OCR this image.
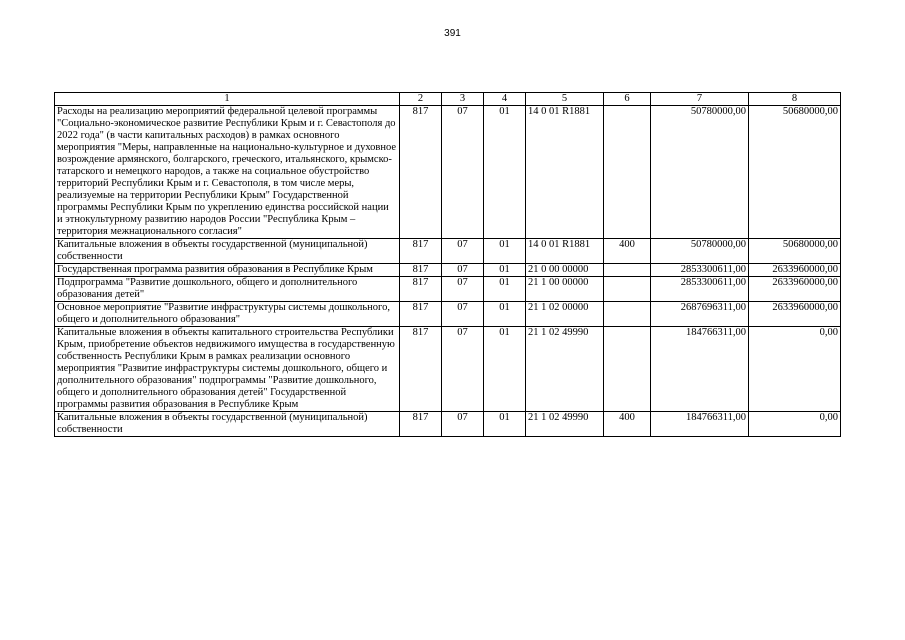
391
1	2	3	4	5	6	7	8
Расходы на реализацию мероприятий федеральной целевой программы "Социально-экономическое развитие Республики Крым и г. Севастополя до 2022 года" (в части капитальных расходов) в рамках основного мероприятия "Меры, направленные на национально-культурное и духовное возрождение армянского, болгарского, греческого, итальянского, крымско-татарского и немецкого народов, а также на социальное обустройство территорий Республики Крым и г. Севастополя, в том числе меры, реализуемые на территории Республики Крым" Государственной программы Республики Крым по укреплению единства российской нации и этнокультурному развитию народов России "Республика Крым – территория межнационального согласия"	817	07	01	14 0 01 R1881		50780000,00	50680000,00
Капитальные вложения в объекты государственной (муниципальной) собственности	817	07	01	14 0 01 R1881	400	50780000,00	50680000,00
Государственная программа развития образования в Республике Крым	817	07	01	21 0 00 00000		2853300611,00	2633960000,00
Подпрограмма "Развитие дошкольного, общего и дополнительного образования детей"	817	07	01	21 1 00 00000		2853300611,00	2633960000,00
Основное мероприятие "Развитие инфраструктуры системы дошкольного, общего и дополнительного образования"	817	07	01	21 1 02 00000		2687696311,00	2633960000,00
Капитальные вложения в объекты капитального строительства Республики Крым, приобретение объектов недвижимого имущества в государственную собственность Республики Крым в рамках реализации основного мероприятия "Развитие инфраструктуры системы дошкольного, общего и дополнительного образования" подпрограммы "Развитие дошкольного, общего и дополнительного образования детей" Государственной программы развития образования в Республике Крым	817	07	01	21 1 02 49990		184766311,00	0,00
Капитальные вложения в объекты государственной (муниципальной) собственности	817	07	01	21 1 02 49990	400	184766311,00	0,00
